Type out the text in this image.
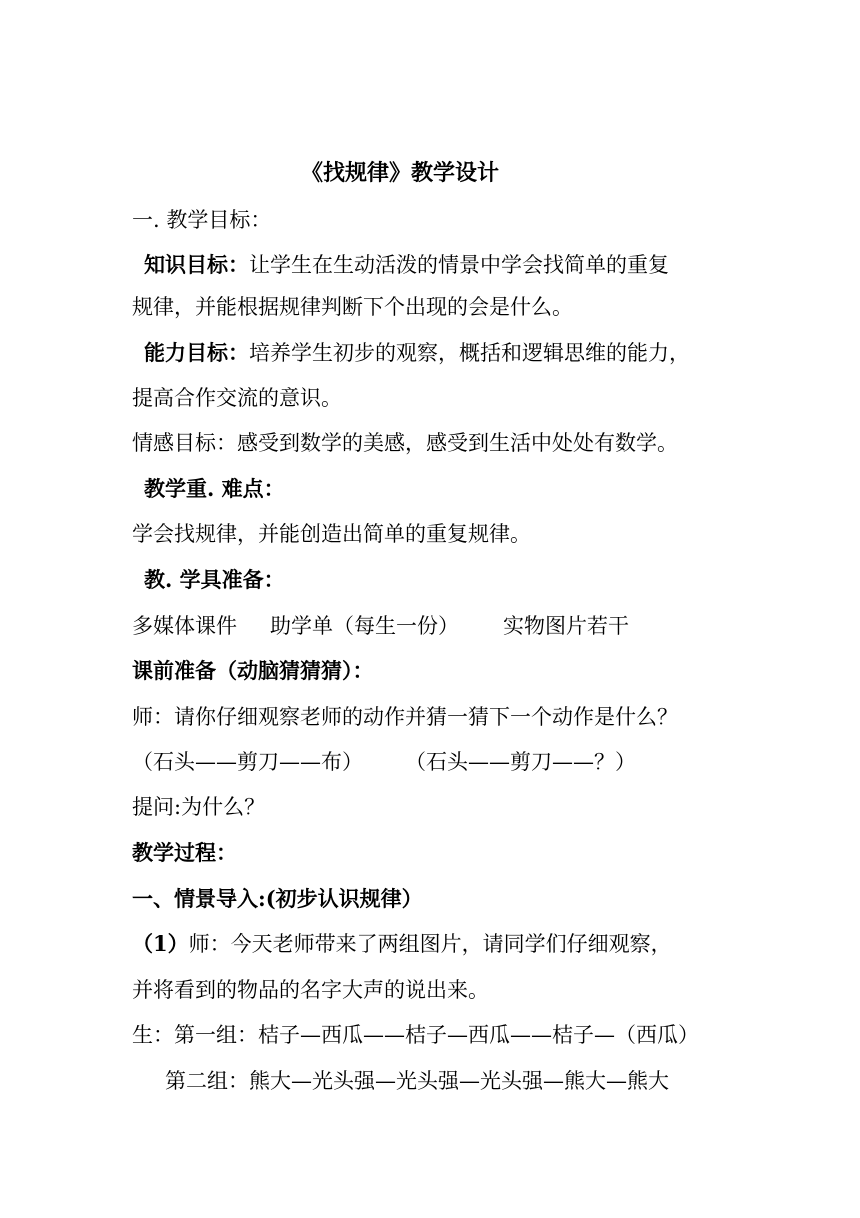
《找规律》教学设计
一. 教学目标：
知识目标：让学生在生动活泼的情景中学会找简单的重复
规律，并能根据规律判断下个出现的会是什么。
能力目标：培养学生初步的观察，概括和逻辑思维的能力，
提高合作交流的意识。
情感目标：感受到数学的美感，感受到生活中处处有数学。
教学重. 难点：
学会找规律，并能创造出简单的重复规律。
教. 学具准备：
多媒体课件 助学单（每生一份） 实物图片若干
课前准备（动脑猜猜猜）：
师：请你仔细观察老师的动作并猜一猜下一个动作是什么？
（石头——剪刀——布） （石头——剪刀——？）
提问:为什么？
教学过程：
一、情景导入:(初步认识规律）
（1）师：今天老师带来了两组图片，请同学们仔细观察，
并将看到的物品的名字大声的说出来。
生：第一组：桔子—西瓜——桔子—西瓜——桔子—（西瓜）
第二组：熊大—光头强—光头强—光头强—熊大—熊大
